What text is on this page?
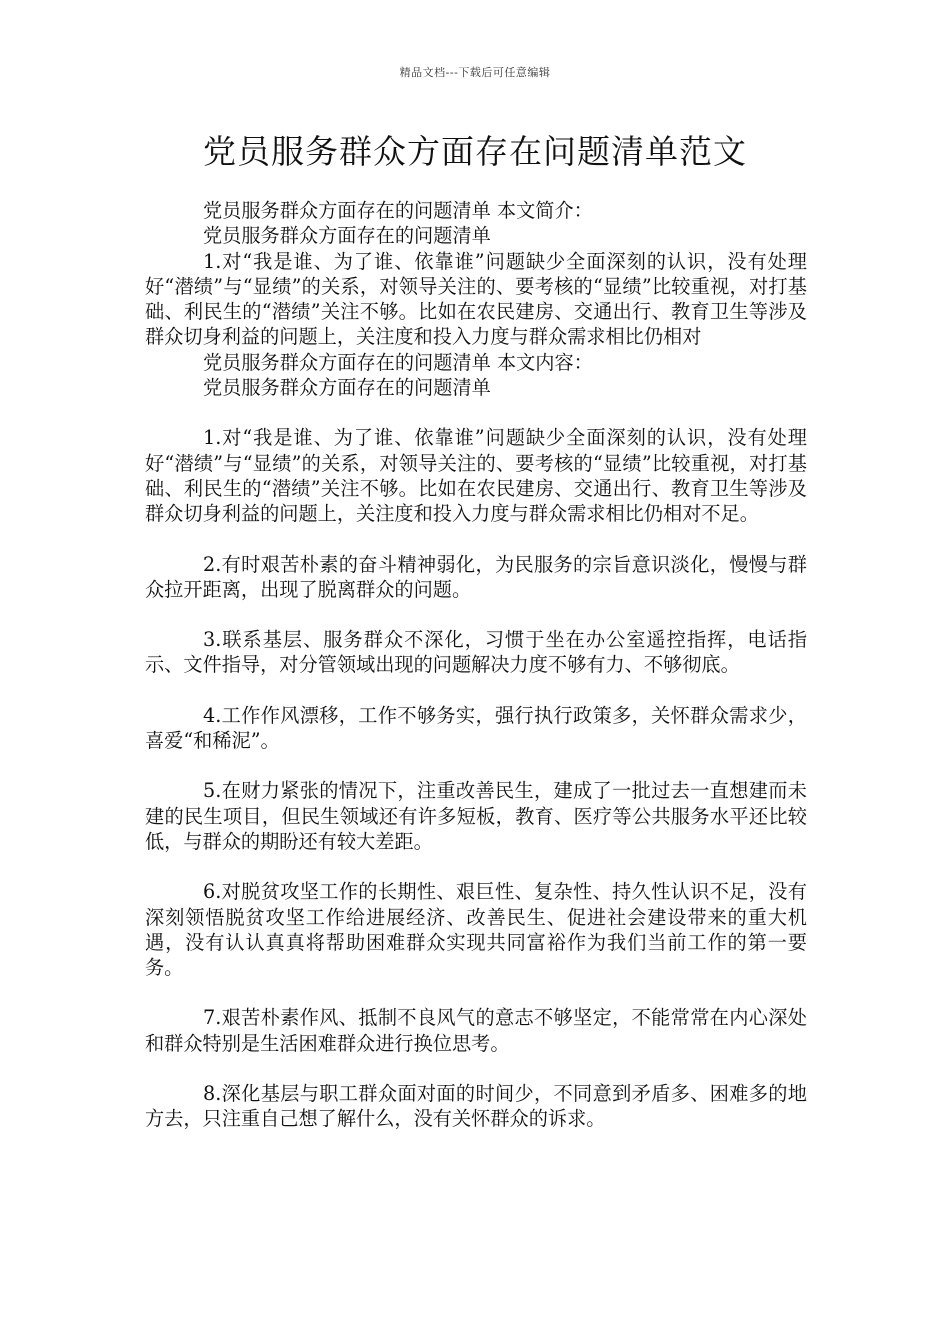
精品文档---下载后可任意编辑
党员服务群众方面存在问题清单范文

党员服务群众方面存在的问题清单 本文简介：

党员服务群众方面存在的问题清单

1.对“我是谁、为了谁、依靠谁”问题缺少全面深刻的认识，没有处理好“潜绩”与“显绩”的关系，对领导关注的、要考核的“显绩”比较重视，对打基础、利民生的“潜绩”关注不够。比如在农民建房、交通出行、教育卫生等涉及群众切身利益的问题上，关注度和投入力度与群众需求相比仍相对

党员服务群众方面存在的问题清单 本文内容：

党员服务群众方面存在的问题清单

1.对“我是谁、为了谁、依靠谁”问题缺少全面深刻的认识，没有处理好“潜绩”与“显绩”的关系，对领导关注的、要考核的“显绩”比较重视，对打基础、利民生的“潜绩”关注不够。比如在农民建房、交通出行、教育卫生等涉及群众切身利益的问题上，关注度和投入力度与群众需求相比仍相对不足。

2.有时艰苦朴素的奋斗精神弱化，为民服务的宗旨意识淡化，慢慢与群众拉开距离，出现了脱离群众的问题。

3.联系基层、服务群众不深化，习惯于坐在办公室遥控指挥，电话指示、文件指导，对分管领域出现的问题解决力度不够有力、不够彻底。

4.工作作风漂移，工作不够务实，强行执行政策多，关怀群众需求少，喜爱“和稀泥”。

5.在财力紧张的情况下，注重改善民生，建成了一批过去一直想建而未建的民生项目，但民生领域还有许多短板，教育、医疗等公共服务水平还比较低，与群众的期盼还有较大差距。

6.对脱贫攻坚工作的长期性、艰巨性、复杂性、持久性认识不足，没有深刻领悟脱贫攻坚工作给进展经济、改善民生、促进社会建设带来的重大机遇，没有认认真真将帮助困难群众实现共同富裕作为我们当前工作的第一要务。

7.艰苦朴素作风、抵制不良风气的意志不够坚定，不能常常在内心深处和群众特别是生活困难群众进行换位思考。

8.深化基层与职工群众面对面的时间少，不同意到矛盾多、困难多的地方去，只注重自己想了解什么，没有关怀群众的诉求。
